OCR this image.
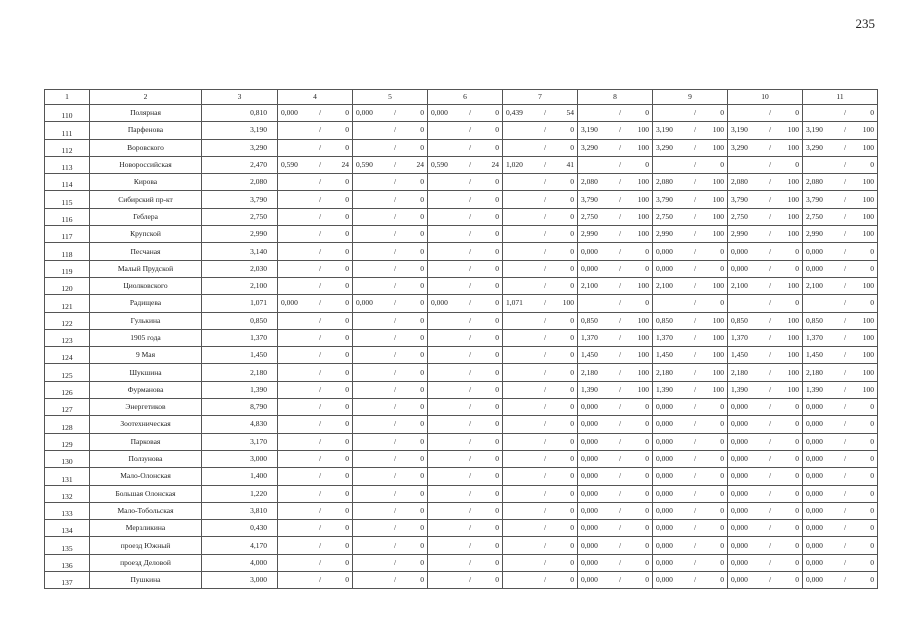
235
1	2	3	4	5	6	7	8	9	10	11
110	Полярная	0,810	0,000 / 0	0,000 / 0	0,000 / 0	0,439 / 54	/ 0	/ 0	/ 0	/ 0

111	Парфенова	3,190	/ 0	/ 0	/ 0	/ 0	3,190 / 100	3,190 / 100	3,190 / 100	3,190 / 100

112	Воровского	3,290	/ 0	/ 0	/ 0	/ 0	3,290 / 100	3,290 / 100	3,290 / 100	3,290 / 100

113	Новороссийская	2,470	0,590 / 24	0,590 / 24	0,590 / 24	1,020 / 41	/ 0	/ 0	/ 0	/ 0

114	Кирова	2,080	/ 0	/ 0	/ 0	/ 0	2,080 / 100	2,080 / 100	2,080 / 100	2,080 / 100

115	Сибирский пр-кт	3,790	/ 0	/ 0	/ 0	/ 0	3,790 / 100	3,790 / 100	3,790 / 100	3,790 / 100

116	Геблера	2,750	/ 0	/ 0	/ 0	/ 0	2,750 / 100	2,750 / 100	2,750 / 100	2,750 / 100

117	Крупской	2,990	/ 0	/ 0	/ 0	/ 0	2,990 / 100	2,990 / 100	2,990 / 100	2,990 / 100

118	Песчаная	3,140	/ 0	/ 0	/ 0	/ 0	0,000 / 0	0,000 / 0	0,000 / 0	0,000 / 0

119	Малый Прудской	2,030	/ 0	/ 0	/ 0	/ 0	0,000 / 0	0,000 / 0	0,000 / 0	0,000 / 0

120	Циолковского	2,100	/ 0	/ 0	/ 0	/ 0	2,100 / 100	2,100 / 100	2,100 / 100	2,100 / 100

121	Радищева	1,071	0,000 / 0	0,000 / 0	0,000 / 0	1,071 / 100	/ 0	/ 0	/ 0	/ 0

122	Гулькина	0,850	/ 0	/ 0	/ 0	/ 0	0,850 / 100	0,850 / 100	0,850 / 100	0,850 / 100

123	1905 года	1,370	/ 0	/ 0	/ 0	/ 0	1,370 / 100	1,370 / 100	1,370 / 100	1,370 / 100

124	9 Мая	1,450	/ 0	/ 0	/ 0	/ 0	1,450 / 100	1,450 / 100	1,450 / 100	1,450 / 100

125	Шукшина	2,180	/ 0	/ 0	/ 0	/ 0	2,180 / 100	2,180 / 100	2,180 / 100	2,180 / 100

126	Фурманова	1,390	/ 0	/ 0	/ 0	/ 0	1,390 / 100	1,390 / 100	1,390 / 100	1,390 / 100

127	Энергетиков	8,790	/ 0	/ 0	/ 0	/ 0	0,000 / 0	0,000 / 0	0,000 / 0	0,000 / 0

128	Зоотехническая	4,830	/ 0	/ 0	/ 0	/ 0	0,000 / 0	0,000 / 0	0,000 / 0	0,000 / 0

129	Парковая	3,170	/ 0	/ 0	/ 0	/ 0	0,000 / 0	0,000 / 0	0,000 / 0	0,000 / 0

130	Ползунова	3,000	/ 0	/ 0	/ 0	/ 0	0,000 / 0	0,000 / 0	0,000 / 0	0,000 / 0

131	Мало-Олонская	1,400	/ 0	/ 0	/ 0	/ 0	0,000 / 0	0,000 / 0	0,000 / 0	0,000 / 0

132	Большая Олонская	1,220	/ 0	/ 0	/ 0	/ 0	0,000 / 0	0,000 / 0	0,000 / 0	0,000 / 0

133	Мало-Тобольская	3,810	/ 0	/ 0	/ 0	/ 0	0,000 / 0	0,000 / 0	0,000 / 0	0,000 / 0

134	Мерзликина	0,430	/ 0	/ 0	/ 0	/ 0	0,000 / 0	0,000 / 0	0,000 / 0	0,000 / 0

135	проезд Южный	4,170	/ 0	/ 0	/ 0	/ 0	0,000 / 0	0,000 / 0	0,000 / 0	0,000 / 0

136	проезд Деловой	4,000	/ 0	/ 0	/ 0	/ 0	0,000 / 0	0,000 / 0	0,000 / 0	0,000 / 0

137	Пушкина	3,000	/ 0	/ 0	/ 0	/ 0	0,000 / 0	0,000 / 0	0,000 / 0	0,000 / 0
